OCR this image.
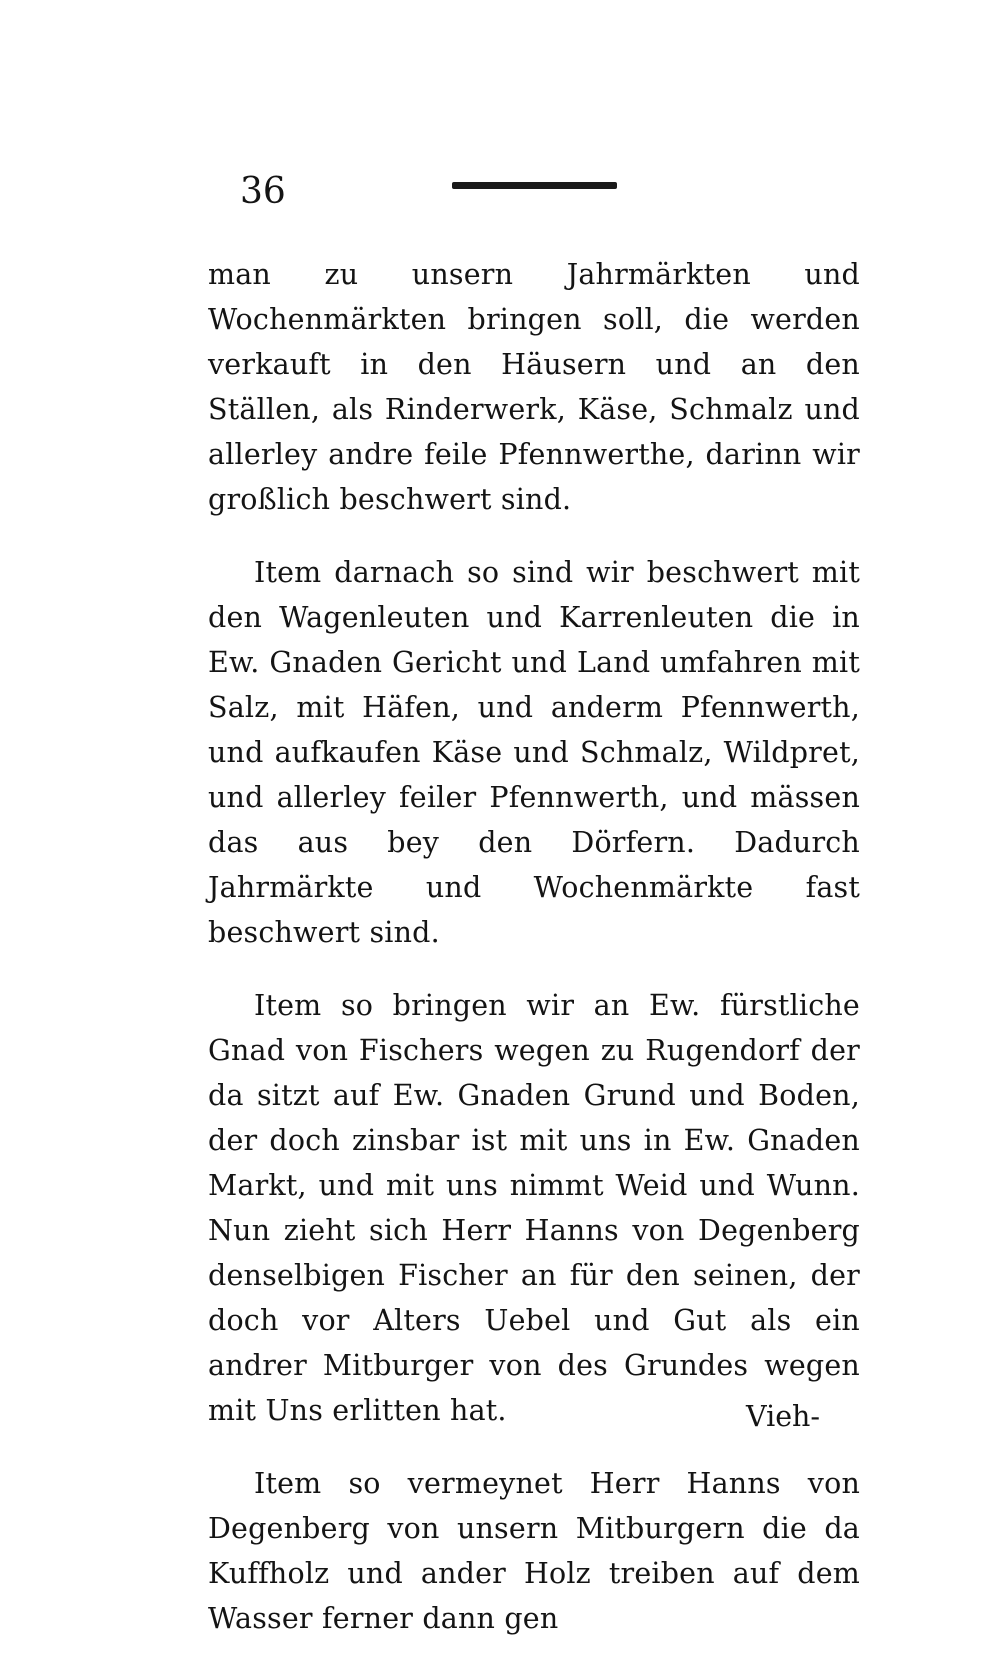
36

man zu unsern Jahrmärkten und Wochenmärkten bringen soll, die werden verkauft in den Häusern und an den Ställen, als Rinderwerk, Käse, Schmalz und allerley andre feile Pfennwerthe, darinn wir großlich beschwert sind.

Item darnach so sind wir beschwert mit den Wagenleuten und Karrenleuten die in Ew. Gnaden Gericht und Land umfahren mit Salz, mit Häfen, und anderm Pfennwerth, und aufkaufen Käse und Schmalz, Wildpret, und allerley feiler Pfennwerth, und mässen das aus bey den Dörfern. Dadurch Jahrmärkte und Wochenmärkte fast beschwert sind.

Item so bringen wir an Ew. fürstliche Gnad von Fischers wegen zu Rugendorf der da sitzt auf Ew. Gnaden Grund und Boden, der doch zinsbar ist mit uns in Ew. Gnaden Markt, und mit uns nimmt Weid und Wunn. Nun zieht sich Herr Hanns von Degenberg denselbigen Fischer an für den seinen, der doch vor Alters Uebel und Gut als ein andrer Mitburger von des Grundes wegen mit Uns erlitten hat.

Item so vermeynet Herr Hanns von Degenberg von unsern Mitburgern die da Kuffholz und ander Holz treiben auf dem Wasser ferner dann gen

Vieh-
